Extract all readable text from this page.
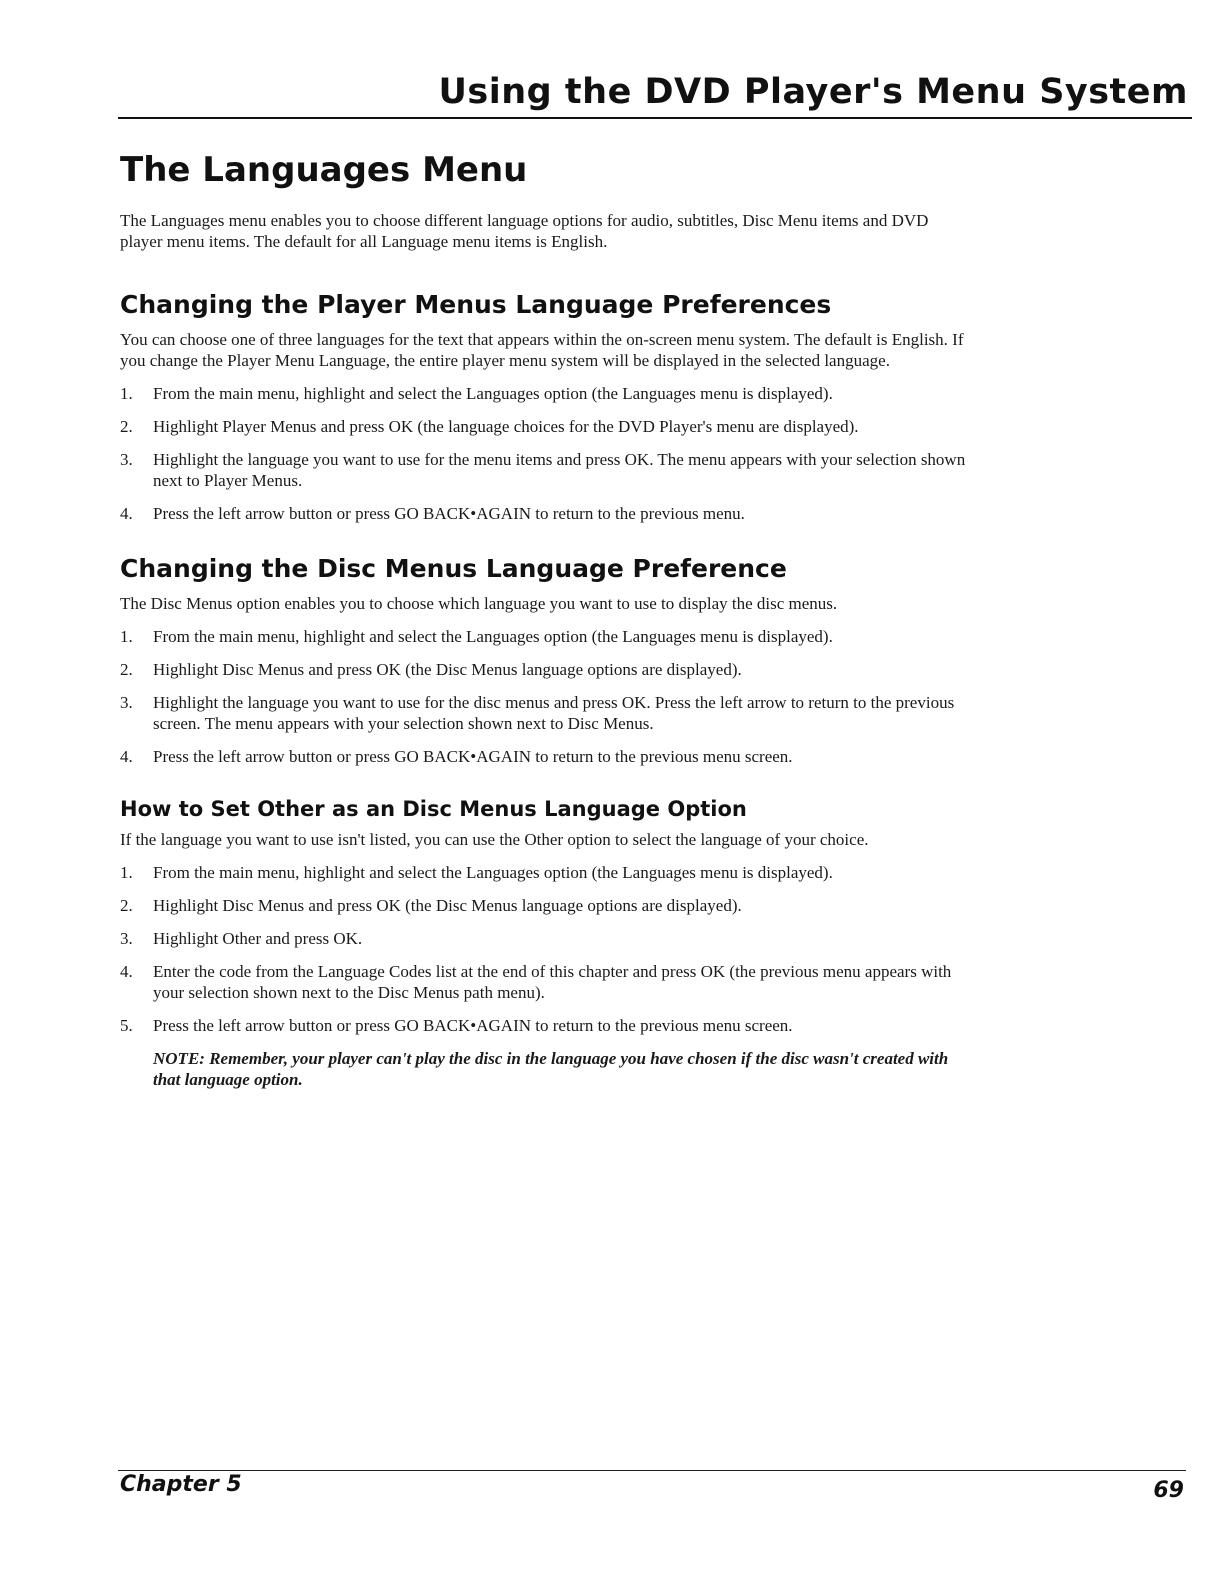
Using the DVD Player's Menu System
The Languages Menu

The Languages menu enables you to choose different language options for audio, subtitles, Disc Menu items and DVD player menu items. The default for all Language menu items is English.

Changing the Player Menus Language Preferences

You can choose one of three languages for the text that appears within the on-screen menu system. The default is English. If you change the Player Menu Language, the entire player menu system will be displayed in the selected language.

1. From the main menu, highlight and select the Languages option (the Languages menu is displayed).
2. Highlight Player Menus and press OK (the language choices for the DVD Player's menu are displayed).
3. Highlight the language you want to use for the menu items and press OK. The menu appears with your selection shown next to Player Menus.
4. Press the left arrow button or press GO BACK•AGAIN to return to the previous menu.
Changing the Disc Menus Language Preference

The Disc Menus option enables you to choose which language you want to use to display the disc menus.

1. From the main menu, highlight and select the Languages option (the Languages menu is displayed).
2. Highlight Disc Menus and press OK (the Disc Menus language options are displayed).
3. Highlight the language you want to use for the disc menus and press OK. Press the left arrow to return to the previous screen. The menu appears with your selection shown next to Disc Menus.
4. Press the left arrow button or press GO BACK•AGAIN to return to the previous menu screen.
How to Set Other as an Disc Menus Language Option

If the language you want to use isn't listed, you can use the Other option to select the language of your choice.

1. From the main menu, highlight and select the Languages option (the Languages menu is displayed).
2. Highlight Disc Menus and press OK (the Disc Menus language options are displayed).
3. Highlight Other and press OK.
4. Enter the code from the Language Codes list at the end of this chapter and press OK (the previous menu appears with your selection shown next to the Disc Menus path menu).
5. Press the left arrow button or press GO BACK•AGAIN to return to the previous menu screen.

NOTE: Remember, your player can't play the disc in the language you have chosen if the disc wasn't created with that language option.

Chapter 5	69
